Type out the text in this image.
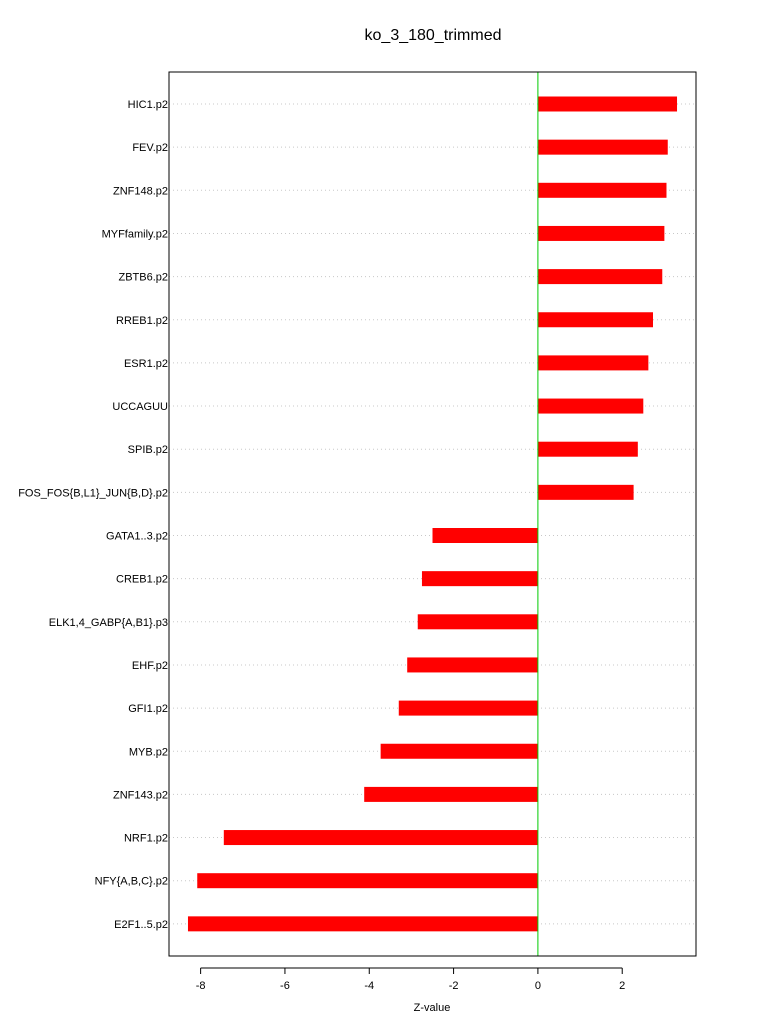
ko_3_180_trimmed
HIC1.p2
FEV.p2
ZNF148.p2
MYFfamily.p2
ZBTB6.p2
RREB1.p2
ESR1.p2
UCCAGUU
SPIB.p2
FOS_FOS{B,L1}_JUN{B,D}.p2
GATA1..3.p2
CREB1.p2
ELK1,4_GABP{A,B1}.p3
EHF.p2
GFI1.p2
MYB.p2
ZNF143.p2
NRF1.p2
NFY{A,B,C}.p2
E2F1..5.p2
-8	-6	-4	-2	0	2
Z-value
